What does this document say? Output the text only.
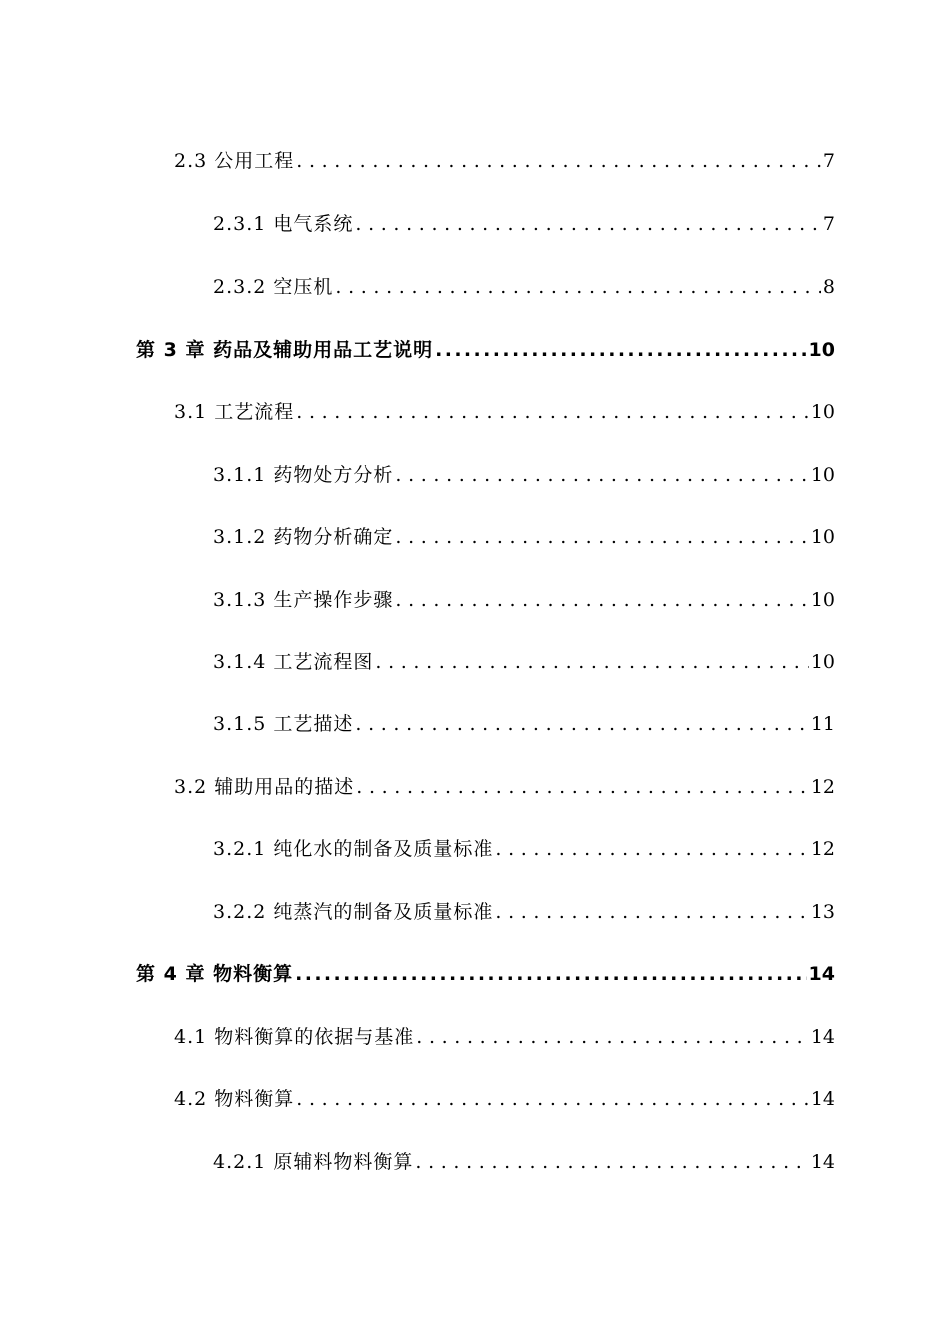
2.3 公用工程 . . .	7
2.3.1 电气系统 . . .	7
2.3.2 空压机 . . .	8
第 3 章 药品及辅助用品工艺说明 .....	10
3.1 工艺流程 . . .	10
3.1.1 药物处方分析 . . .	10
3.1.2 药物分析确定 . . .	10
3.1.3 生产操作步骤 . . .	10
3.1.4 工艺流程图 . . .	10
3.1.5 工艺描述 . . .	11
3.2 辅助用品的描述 . . .	12
3.2.1 纯化水的制备及质量标准 . . .	12
3.2.2 纯蒸汽的制备及质量标准 . . .	13
第 4 章 物料衡算 .....	14
4.1 物料衡算的依据与基准 . . .	14
4.2 物料衡算 . . .	14
4.2.1 原辅料物料衡算 . . .	14
